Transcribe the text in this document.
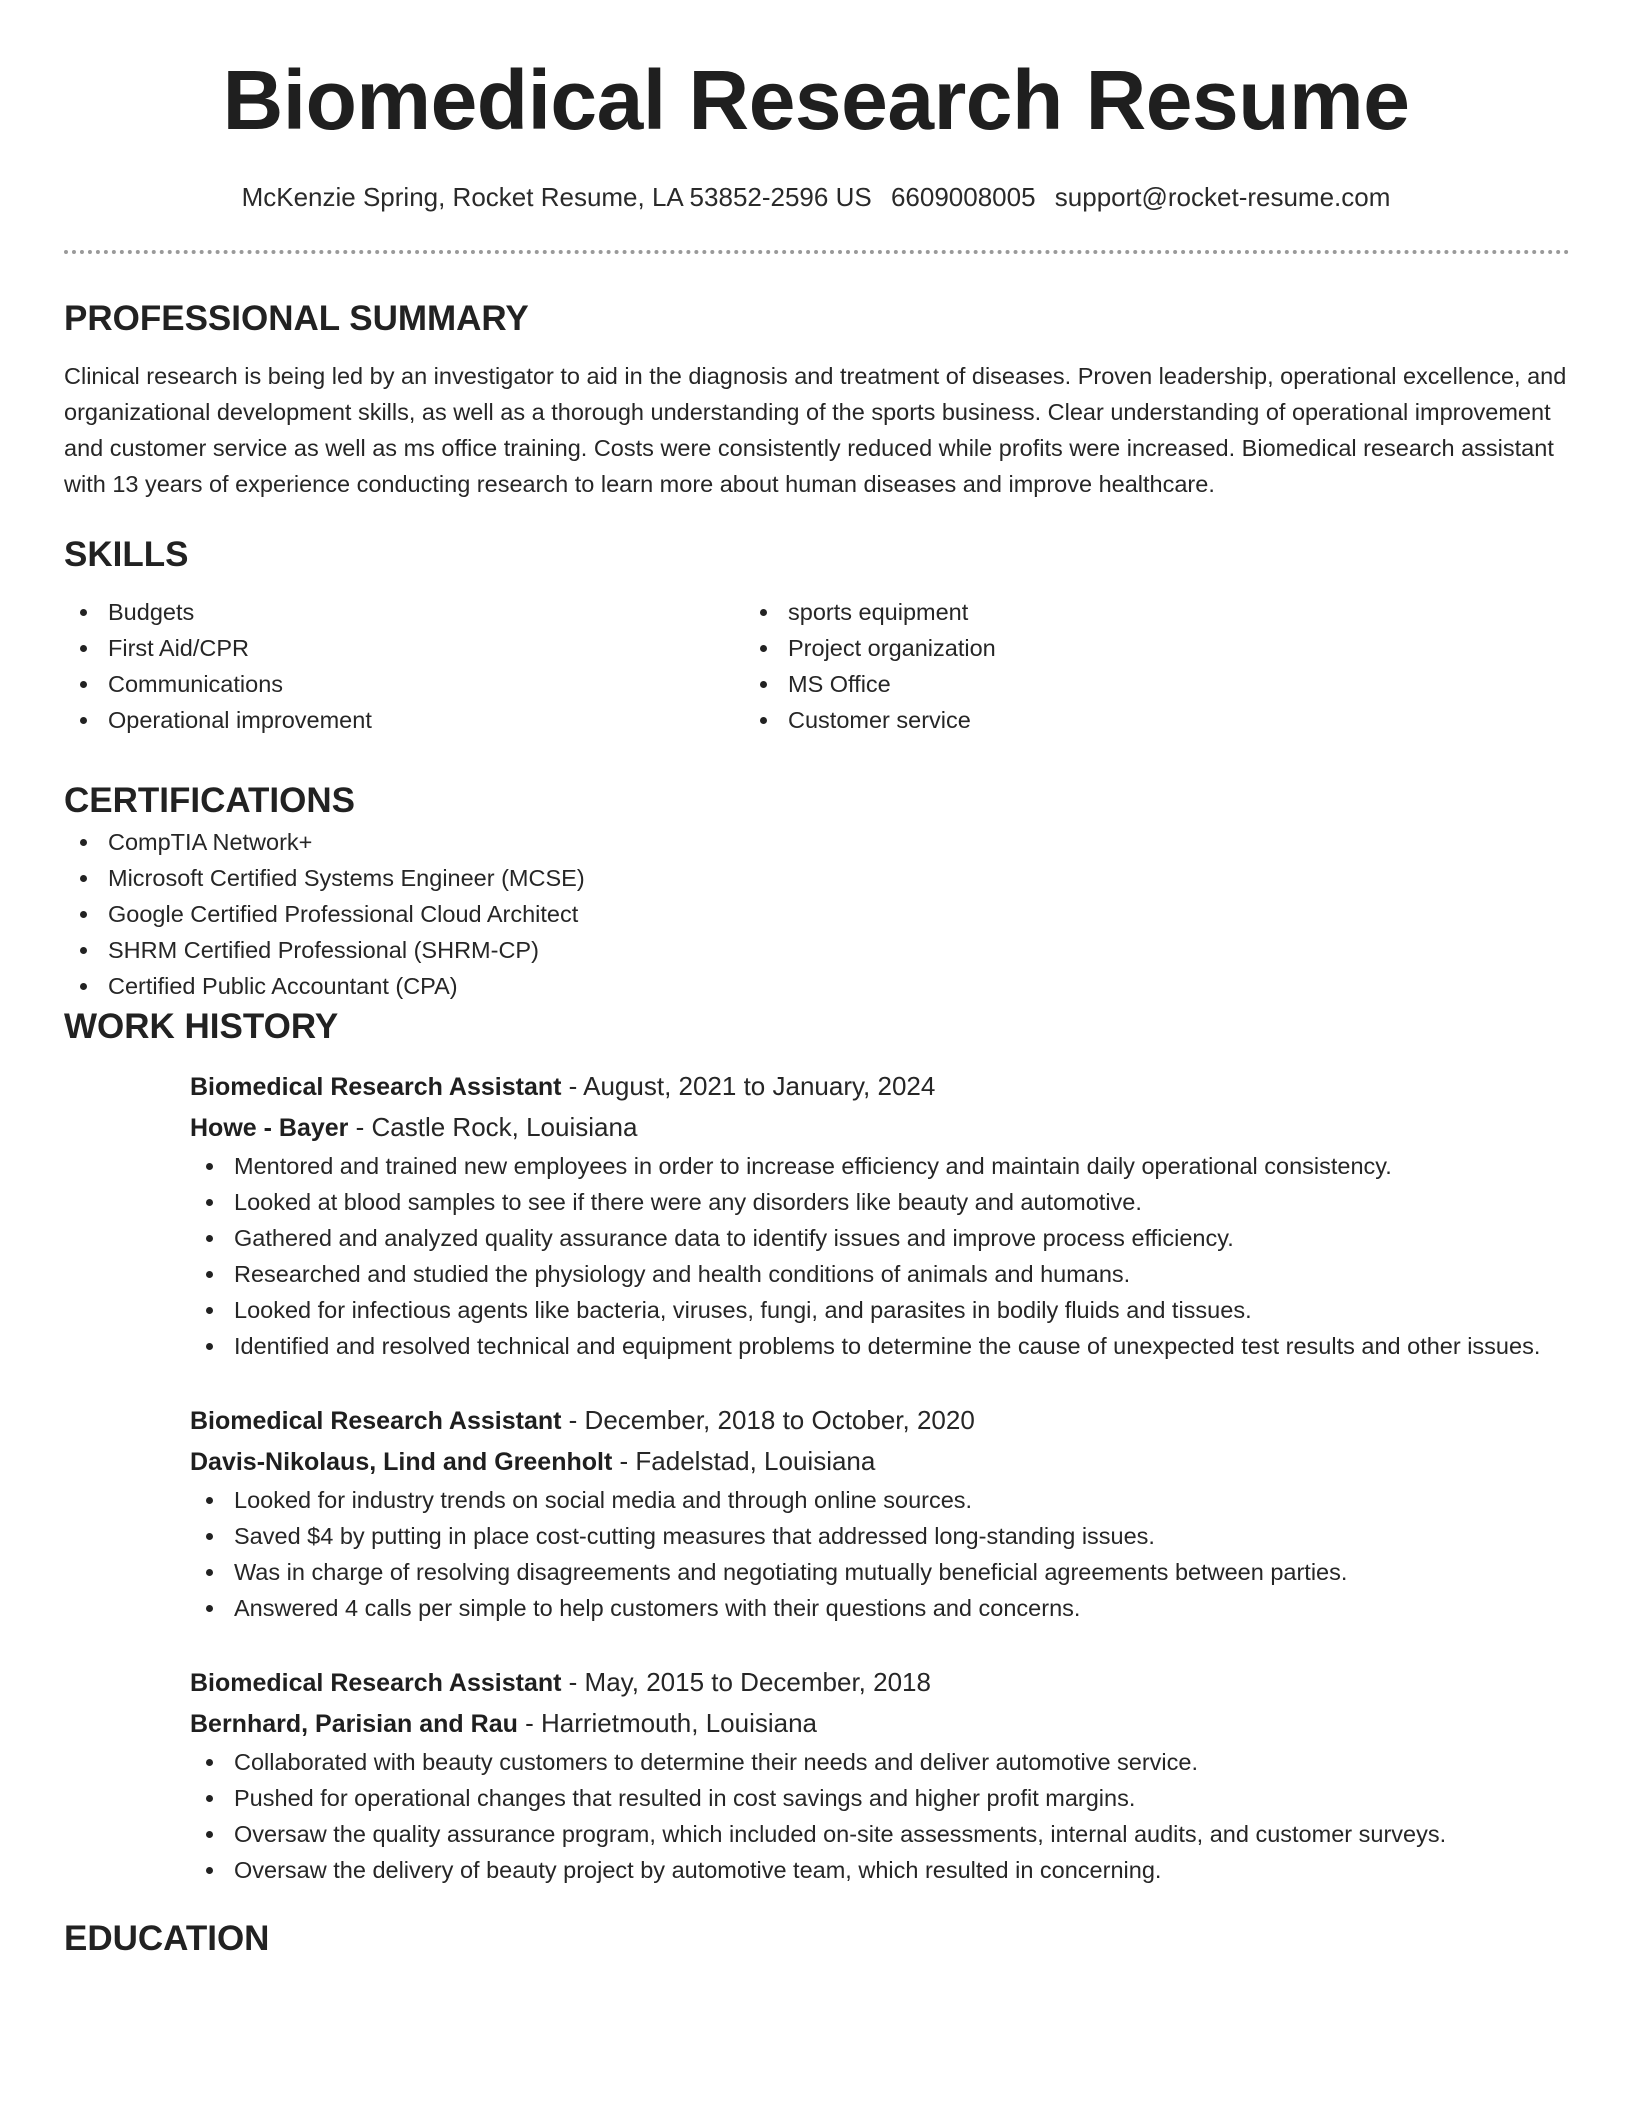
Biomedical Research Resume
McKenzie Spring, Rocket Resume, LA 53852-2596 US 6609008005 support@rocket-resume.com
PROFESSIONAL SUMMARY
Clinical research is being led by an investigator to aid in the diagnosis and treatment of diseases. Proven leadership, operational excellence, and organizational development skills, as well as a thorough understanding of the sports business. Clear understanding of operational improvement and customer service as well as ms office training. Costs were consistently reduced while profits were increased. Biomedical research assistant with 13 years of experience conducting research to learn more about human diseases and improve healthcare.
SKILLS
Budgets
First Aid/CPR
Communications
Operational improvement
sports equipment
Project organization
MS Office
Customer service
CERTIFICATIONS
CompTIA Network+
Microsoft Certified Systems Engineer (MCSE)
Google Certified Professional Cloud Architect
SHRM Certified Professional (SHRM-CP)
Certified Public Accountant (CPA)
WORK HISTORY
Biomedical Research Assistant - August, 2021 to January, 2024
Howe - Bayer - Castle Rock, Louisiana
Mentored and trained new employees in order to increase efficiency and maintain daily operational consistency.
Looked at blood samples to see if there were any disorders like beauty and automotive.
Gathered and analyzed quality assurance data to identify issues and improve process efficiency.
Researched and studied the physiology and health conditions of animals and humans.
Looked for infectious agents like bacteria, viruses, fungi, and parasites in bodily fluids and tissues.
Identified and resolved technical and equipment problems to determine the cause of unexpected test results and other issues.
Biomedical Research Assistant - December, 2018 to October, 2020
Davis-Nikolaus, Lind and Greenholt - Fadelstad, Louisiana
Looked for industry trends on social media and through online sources.
Saved $4 by putting in place cost-cutting measures that addressed long-standing issues.
Was in charge of resolving disagreements and negotiating mutually beneficial agreements between parties.
Answered 4 calls per simple to help customers with their questions and concerns.
Biomedical Research Assistant - May, 2015 to December, 2018
Bernhard, Parisian and Rau - Harrietmouth, Louisiana
Collaborated with beauty customers to determine their needs and deliver automotive service.
Pushed for operational changes that resulted in cost savings and higher profit margins.
Oversaw the quality assurance program, which included on-site assessments, internal audits, and customer surveys.
Oversaw the delivery of beauty project by automotive team, which resulted in concerning.
EDUCATION
